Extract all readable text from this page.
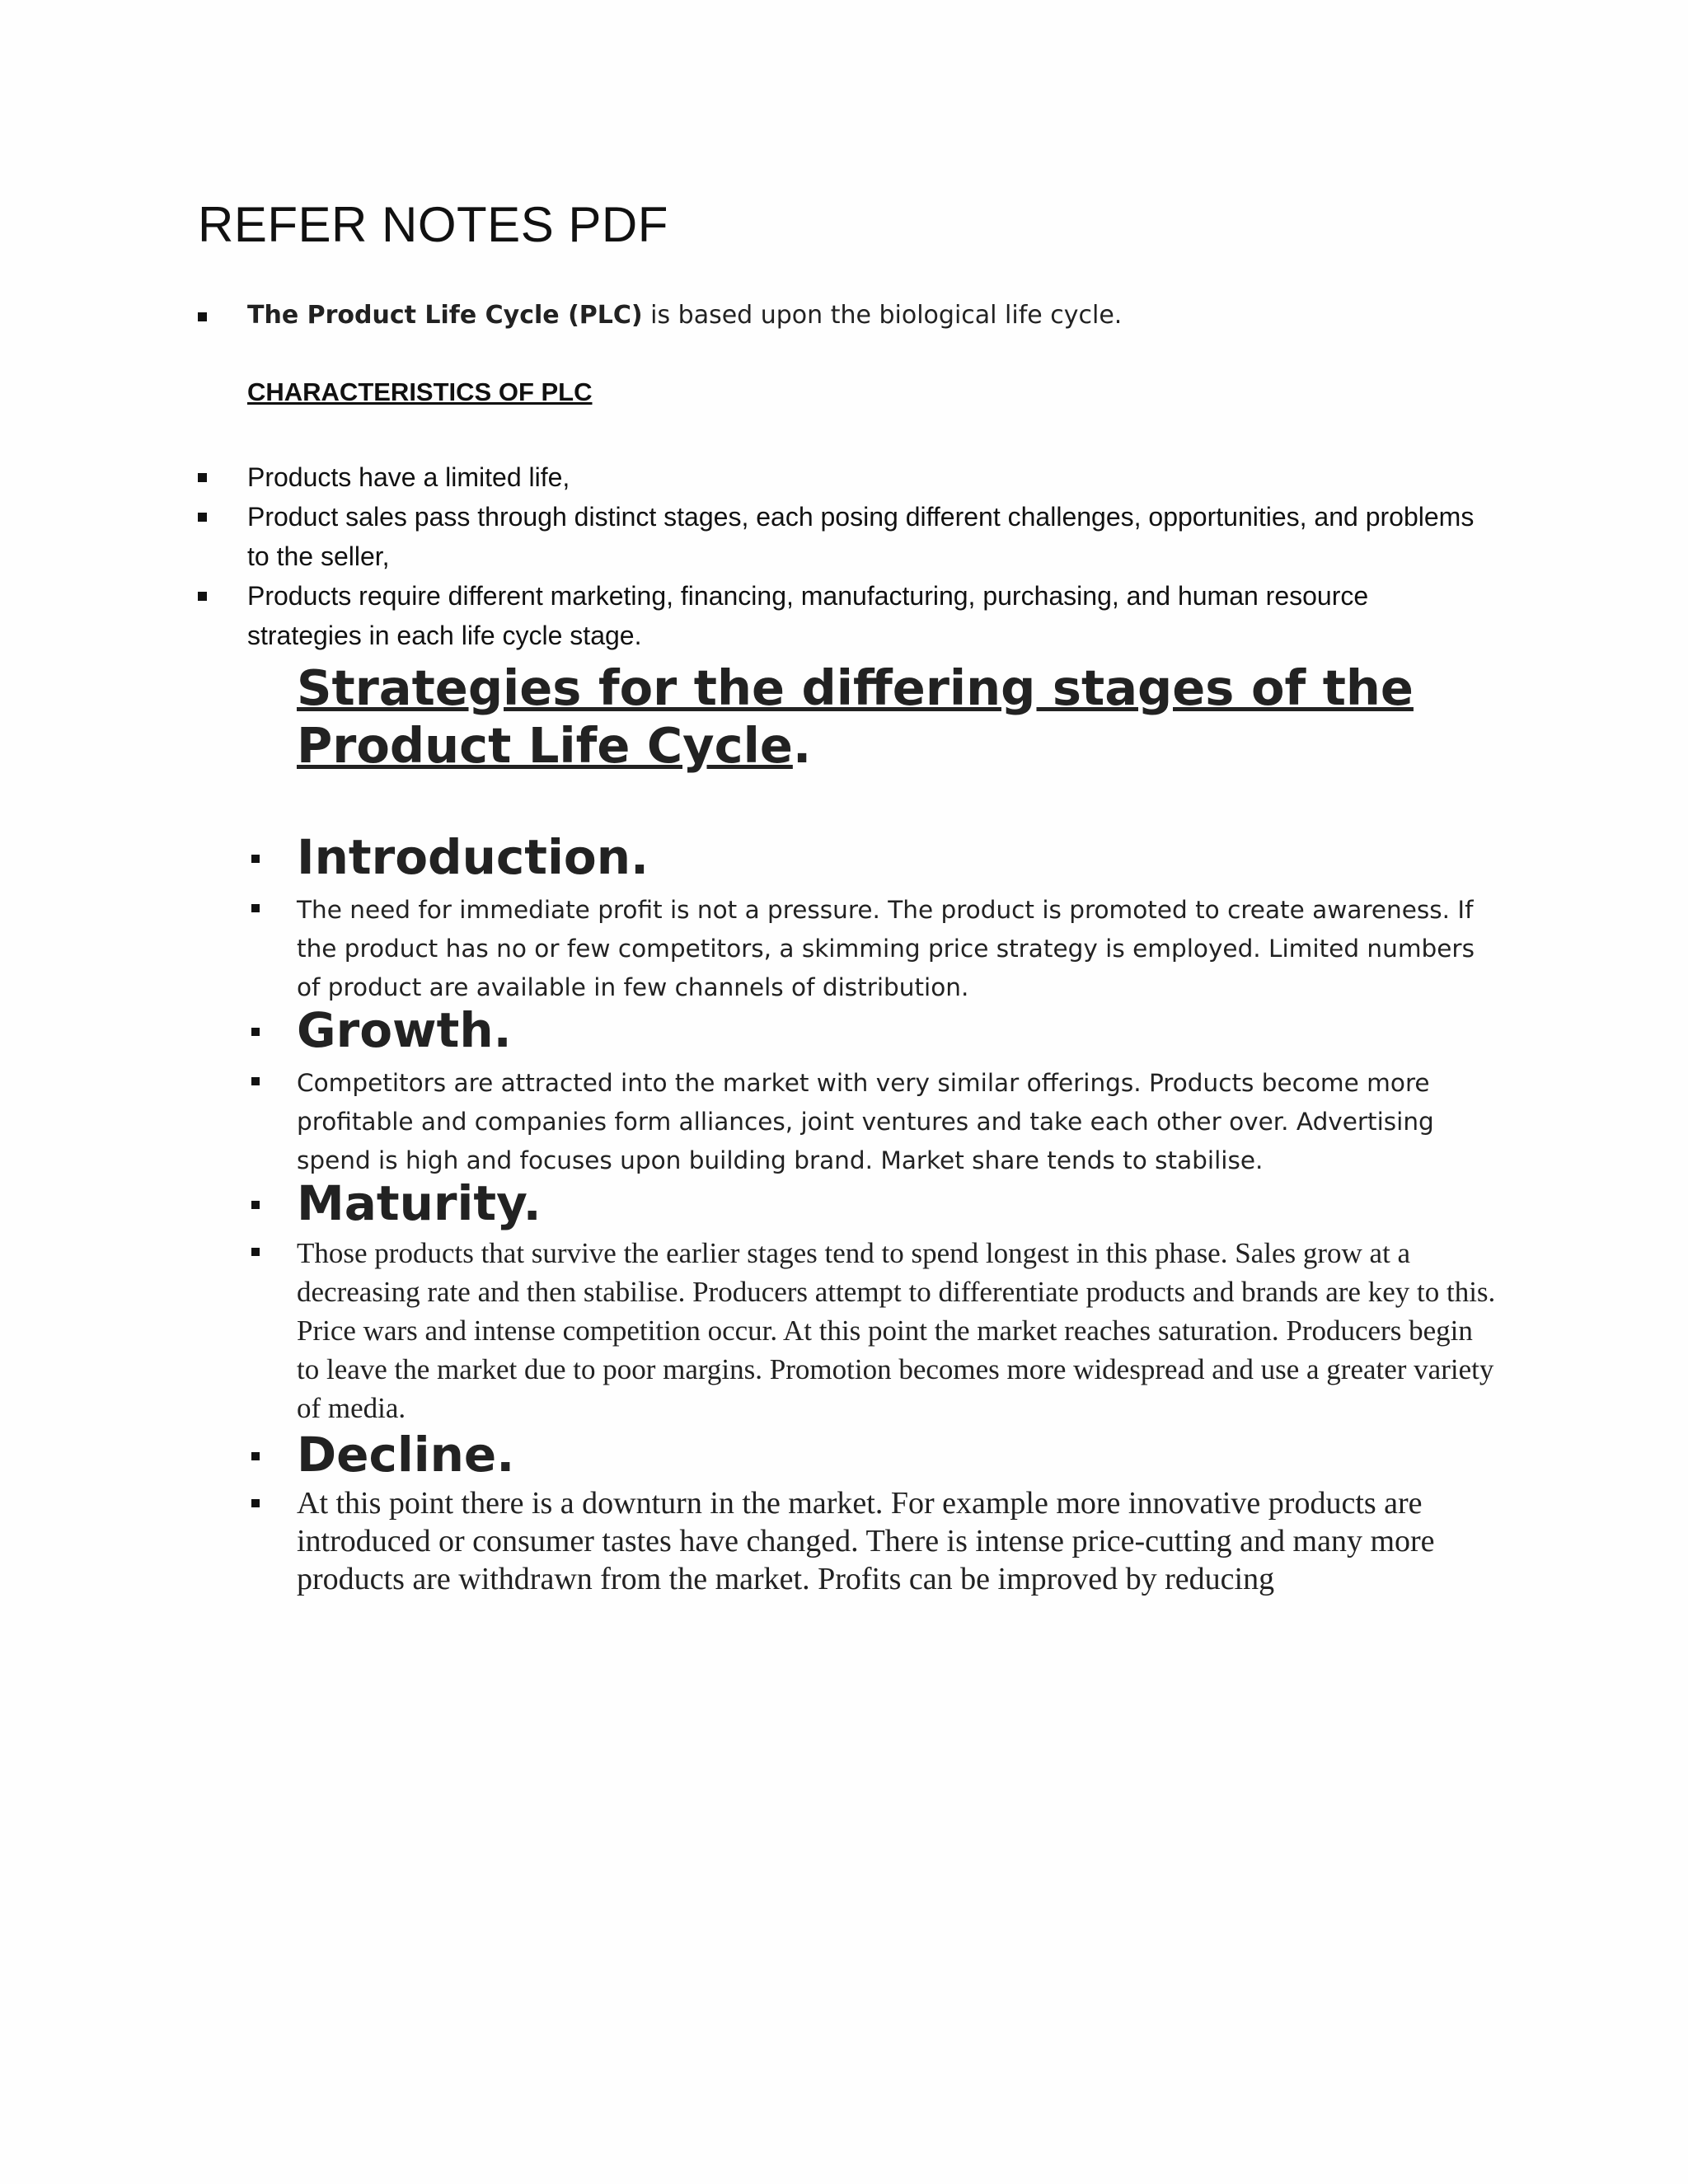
REFER NOTES PDF
The Product Life Cycle (PLC) is based upon the biological life cycle.
CHARACTERISTICS OF PLC
Products have a limited life,
Product sales pass through distinct stages, each posing different challenges, opportunities, and problems to the seller,
Products require different marketing, financing, manufacturing, purchasing, and human resource strategies in each life cycle stage.
Strategies for the differing stages of the Product Life Cycle.
Introduction.
The need for immediate profit is not a pressure. The product is promoted to create awareness. If the product has no or few competitors, a skimming price strategy is employed. Limited numbers of product are available in few channels of distribution.
Growth.
Competitors are attracted into the market with very similar offerings. Products become more profitable and companies form alliances, joint ventures and take each other over. Advertising spend is high and focuses upon building brand. Market share tends to stabilise.
Maturity.
Those products that survive the earlier stages tend to spend longest in this phase. Sales grow at a decreasing rate and then stabilise. Producers attempt to differentiate products and brands are key to this. Price wars and intense competition occur. At this point the market reaches saturation. Producers begin to leave the market due to poor margins. Promotion becomes more widespread and use a greater variety of media.
Decline.
At this point there is a downturn in the market. For example more innovative products are introduced or consumer tastes have changed. There is intense price-cutting and many more products are withdrawn from the market. Profits can be improved by reducing
